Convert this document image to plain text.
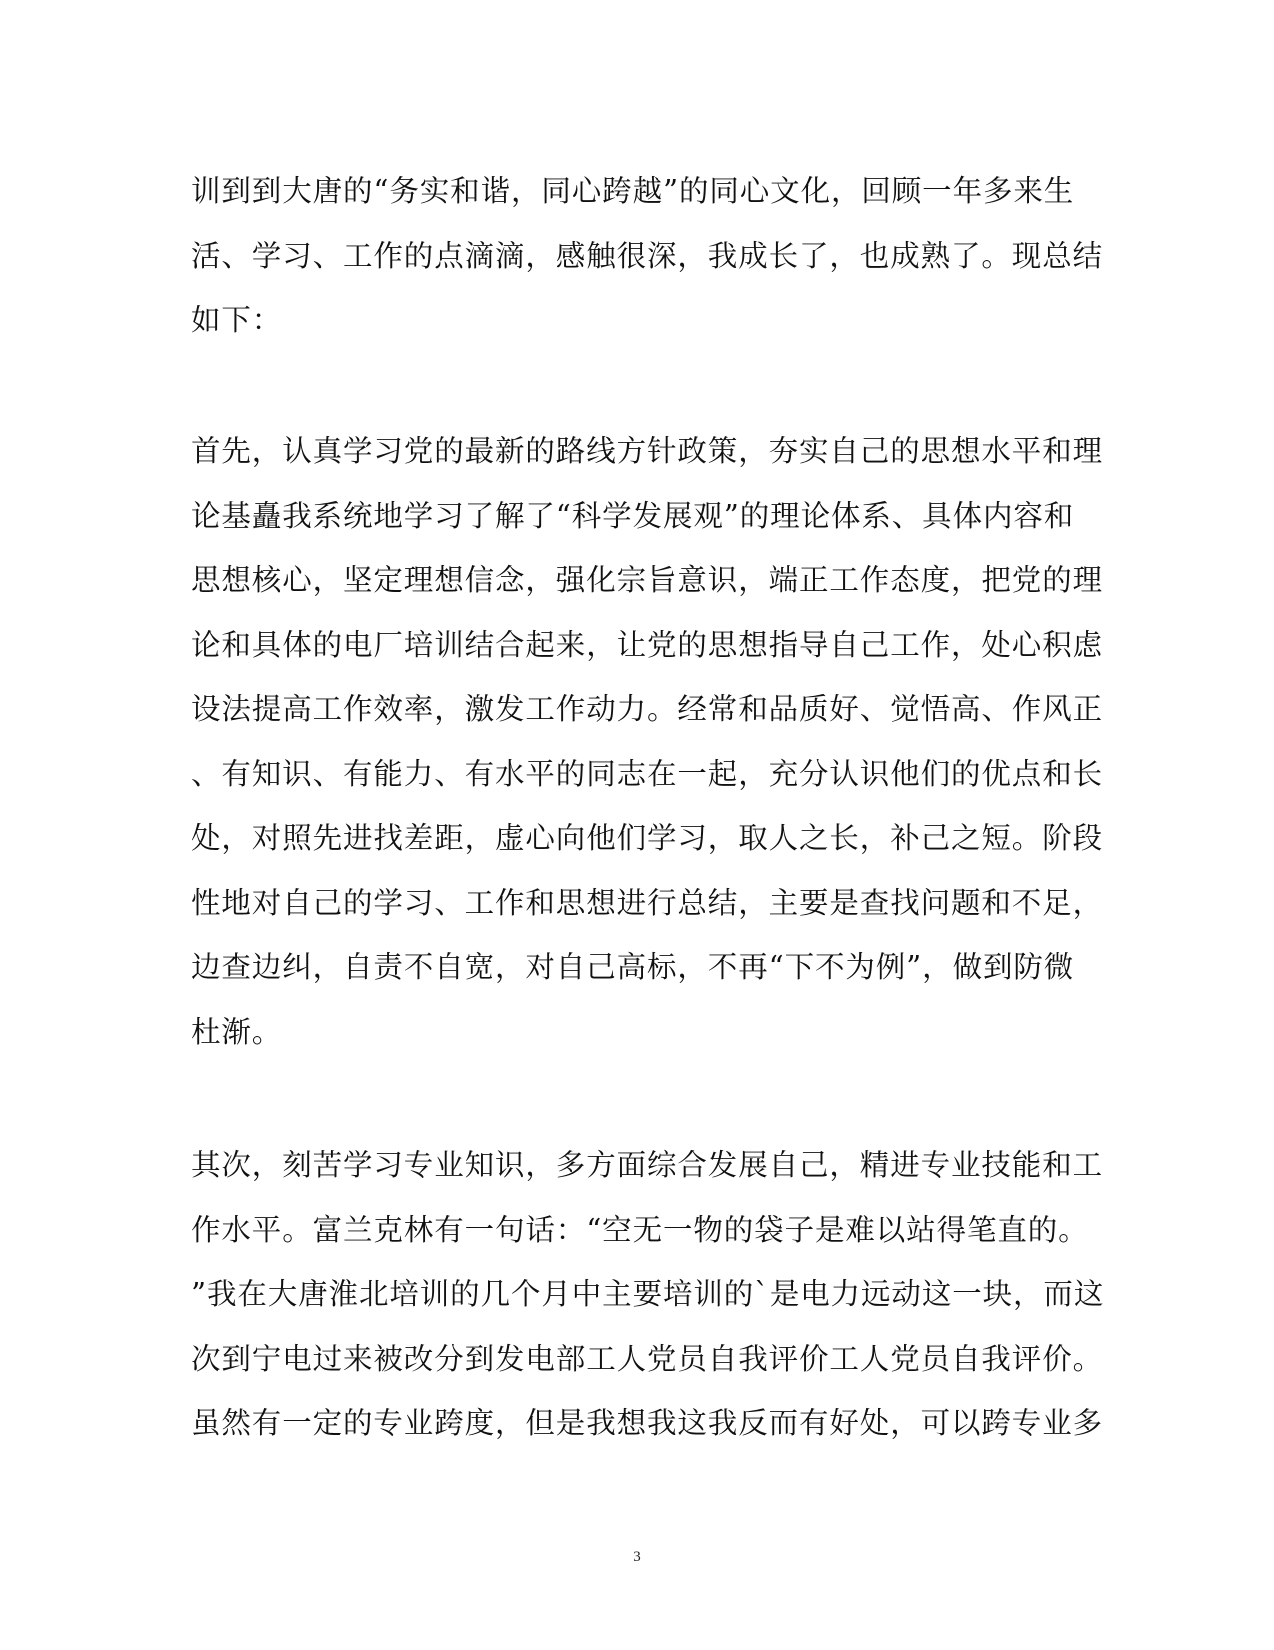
训到到大唐的“务实和谐，同心跨越”的同心文化，回顾一年多来生
活、学习、工作的点滴滴，感触很深，我成长了，也成熟了。现总结
如下：
首先，认真学习党的最新的路线方针政策，夯实自己的思想水平和理
论基矗我系统地学习了解了“科学发展观”的理论体系、具体内容和
思想核心，坚定理想信念，强化宗旨意识，端正工作态度，把党的理
论和具体的电厂培训结合起来，让党的思想指导自己工作，处心积虑
设法提高工作效率，激发工作动力。经常和品质好、觉悟高、作风正
、有知识、有能力、有水平的同志在一起，充分认识他们的优点和长
处，对照先进找差距，虚心向他们学习，取人之长，补己之短。阶段
性地对自己的学习、工作和思想进行总结，主要是查找问题和不足，
边查边纠，自责不自宽，对自己高标，不再“下不为例”，做到防微
杜渐。
其次，刻苦学习专业知识，多方面综合发展自己，精进专业技能和工
作水平。富兰克林有一句话：“空无一物的袋子是难以站得笔直的。
”我在大唐淮北培训的几个月中主要培训的`是电力远动这一块，而这
次到宁电过来被改分到发电部工人党员自我评价工人党员自我评价。
虽然有一定的专业跨度，但是我想我这我反而有好处，可以跨专业多
3
